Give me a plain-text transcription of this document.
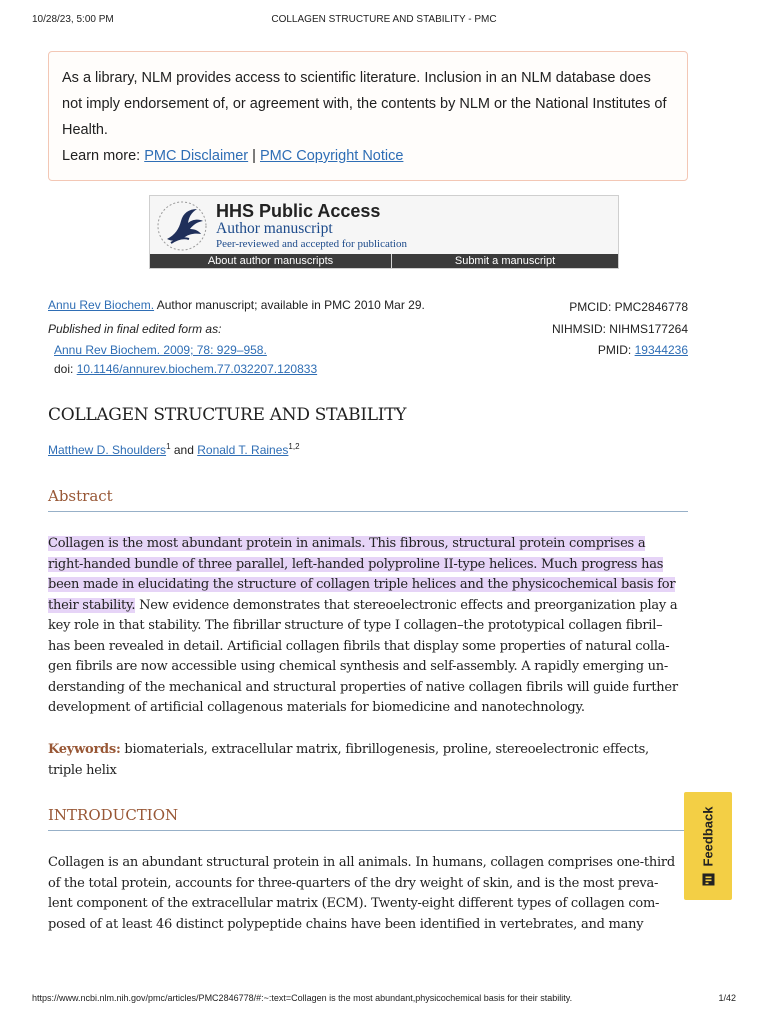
10/28/23, 5:00 PM	COLLAGEN STRUCTURE AND STABILITY - PMC
As a library, NLM provides access to scientific literature. Inclusion in an NLM database does not imply endorsement of, or agreement with, the contents by NLM or the National Institutes of Health.
Learn more: PMC Disclaimer | PMC Copyright Notice
HHS Public Access
Author manuscript
Peer-reviewed and accepted for publication
About author manuscripts	Submit a manuscript
Annu Rev Biochem. Author manuscript; available in PMC 2010 Mar 29.
Published in final edited form as:
Annu Rev Biochem. 2009; 78: 929–958.
doi: 10.1146/annurev.biochem.77.032207.120833
PMCID: PMC2846778
NIHMSID: NIHMS177264
PMID: 19344236
COLLAGEN STRUCTURE AND STABILITY
Matthew D. Shoulders$^1$ and Ronald T. Raines$^{1,2}$
Abstract
Collagen is the most abundant protein in animals. This fibrous, structural protein comprises a
right-handed bundle of three parallel, left-handed polyproline II-type helices. Much progress has
been made in elucidating the structure of collagen triple helices and the physicochemical basis for
their stability. New evidence demonstrates that stereoelectronic effects and preorganization play a
key role in that stability. The fibrillar structure of type I collagen–the prototypical collagen fibril–
has been revealed in detail. Artificial collagen fibrils that display some properties of natural colla-
gen fibrils are now accessible using chemical synthesis and self-assembly. A rapidly emerging un-
derstanding of the mechanical and structural properties of native collagen fibrils will guide further
development of artificial collagenous materials for biomedicine and nanotechnology.
Keywords: biomaterials, extracellular matrix, fibrillogenesis, proline, stereoelectronic effects,
triple helix
INTRODUCTION
Collagen is an abundant structural protein in all animals. In humans, collagen comprises one-third
of the total protein, accounts for three-quarters of the dry weight of skin, and is the most preva-
lent component of the extracellular matrix (ECM). Twenty-eight different types of collagen com-
posed of at least 46 distinct polypeptide chains have been identified in vertebrates, and many
Feedback
https://www.ncbi.nlm.nih.gov/pmc/articles/PMC2846778/#:~:text=Collagen is the most abundant,physicochemical basis for their stability.	1/42
